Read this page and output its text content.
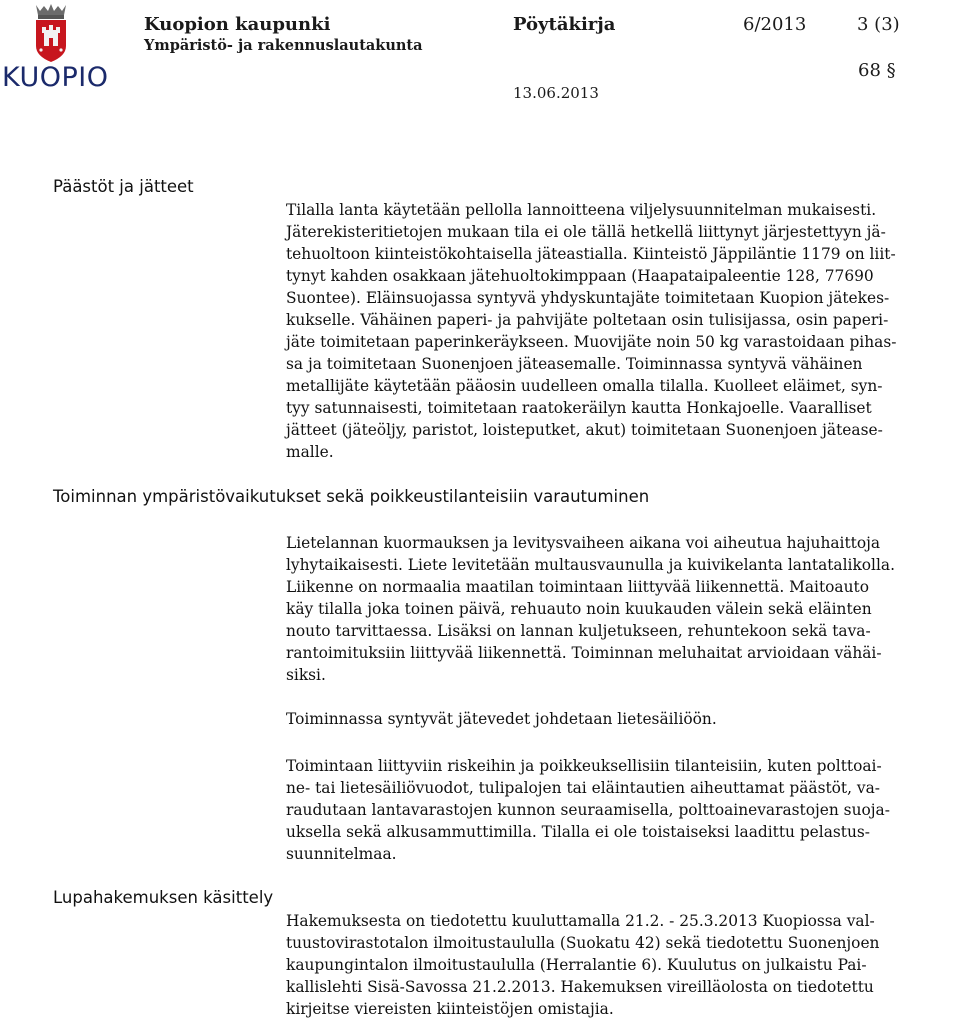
KUOPIO
Kuopion kaupunki
Ympäristö- ja rakennuslautakunta
Pöytäkirja	6/2013	3 (3)
68 §
13.06.2013
Päästöt ja jätteet
Tilalla lanta käytetään pellolla lannoitteena viljelysuunnitelman mukaisesti.
Jäterekisteritietojen mukaan tila ei ole tällä hetkellä liittynyt järjestettyyn jä-
tehuoltoon kiinteistökohtaisella jäteastialla. Kiinteistö Jäppiläntie 1179 on liit-
tynyt kahden osakkaan jätehuoltokimppaan (Haapataipaleentie 128, 77690
Suontee). Eläinsuojassa syntyvä yhdyskuntajäte toimitetaan Kuopion jätekes-
kukselle. Vähäinen paperi- ja pahvijäte poltetaan osin tulisijassa, osin paperi-
jäte toimitetaan paperinkeräykseen. Muovijäte noin 50 kg varastoidaan pihas-
sa ja toimitetaan Suonenjoen jäteasemalle. Toiminnassa syntyvä vähäinen
metallijäte käytetään pääosin uudelleen omalla tilalla. Kuolleet eläimet, syn-
tyy satunnaisesti, toimitetaan raatokeräilyn kautta Honkajoelle. Vaaralliset
jätteet (jäteöljy, paristot, loisteputket, akut) toimitetaan Suonenjoen jätease-
malle.
Toiminnan ympäristövaikutukset sekä poikkeustilanteisiin varautuminen
Lietelannan kuormauksen ja levitysvaiheen aikana voi aiheutua hajuhaittoja
lyhytaikaisesti. Liete levitetään multausvaunulla ja kuivikelanta lantatalikolla.
Liikenne on normaalia maatilan toimintaan liittyvää liikennettä. Maitoauto
käy tilalla joka toinen päivä, rehuauto noin kuukauden välein sekä eläinten
nouto tarvittaessa. Lisäksi on lannan kuljetukseen, rehuntekoon sekä tava-
rantoimituksiin liittyvää liikennettä. Toiminnan meluhaitat arvioidaan vähäi-
siksi.
Toiminnassa syntyvät jätevedet johdetaan lietesäiliöön.
Toimintaan liittyviin riskeihin ja poikkeuksellisiin tilanteisiin, kuten polttoai-
ne- tai lietesäiliövuodot, tulipalojen tai eläintautien aiheuttamat päästöt, va-
raudutaan lantavarastojen kunnon seuraamisella, polttoainevarastojen suoja-
uksella sekä alkusammuttimilla. Tilalla ei ole toistaiseksi laadittu pelastus-
suunnitelmaa.
Lupahakemuksen käsittely
Hakemuksesta on tiedotettu kuuluttamalla 21.2. - 25.3.2013 Kuopiossa val-
tuustovirastotalon ilmoitustaululla (Suokatu 42) sekä tiedotettu Suonenjoen
kaupungintalon ilmoitustaululla (Herralantie 6). Kuulutus on julkaistu Pai-
kallislehti Sisä-Savossa 21.2.2013. Hakemuksen vireilläolosta on tiedotettu
kirjeitse viereisten kiinteistöjen omistajia.
